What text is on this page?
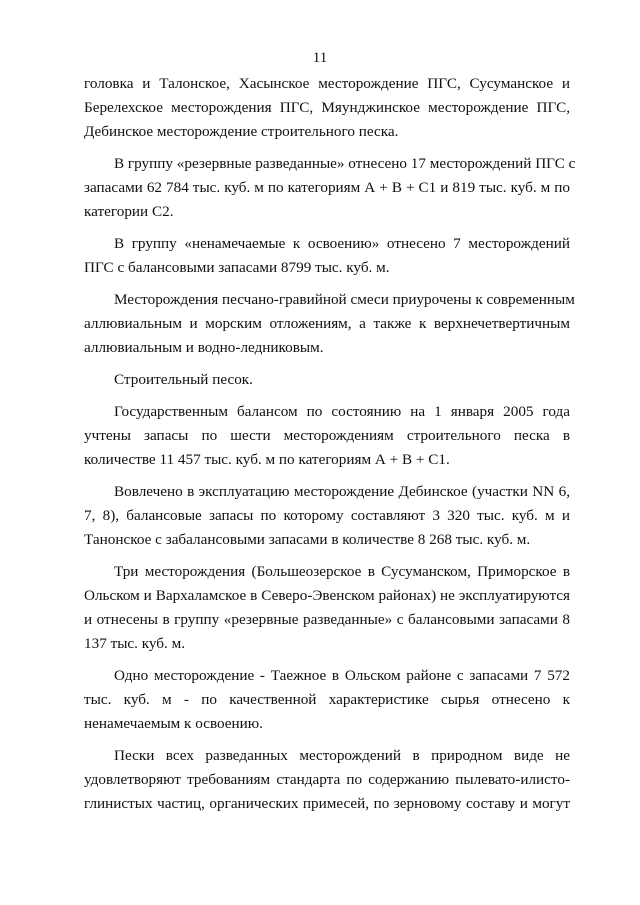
11
головка и Талонское, Хасынское месторождение ПГС, Сусуманское и
Берелехское месторождения ПГС, Мяунджинское месторождение ПГС,
Дебинское месторождение строительного песка.
В группу «резервные разведанные» отнесено 17 месторождений ПГС с
запасами 62 784 тыс. куб. м по категориям А + В + С1 и 819 тыс. куб. м по
категории С2.
В группу «ненамечаемые к освоению» отнесено 7 месторождений
ПГС с балансовыми запасами 8799 тыс. куб. м.
Месторождения песчано-гравийной смеси приурочены к современным
аллювиальным и морским отложениям, а также к верхнечетвертичным
аллювиальным и водно-ледниковым.
Строительный песок.
Государственным балансом по состоянию на 1 января 2005 года
учтены запасы по шести месторождениям строительного песка в
количестве 11 457 тыс. куб. м по категориям А + В + С1.
Вовлечено в эксплуатацию месторождение Дебинское (участки NN 6,
7, 8), балансовые запасы по которому составляют 3 320 тыс. куб. м и
Танонское с забалансовыми запасами в количестве 8 268 тыс. куб. м.
Три месторождения (Большеозерское в Сусуманском, Приморское в
Ольском и Вархаламское в Северо-Эвенском районах) не эксплуатируются
и отнесены в группу «резервные разведанные» с балансовыми запасами 8
137 тыс. куб. м.
Одно месторождение - Таежное в Ольском районе с запасами 7 572
тыс. куб. м - по качественной характеристике сырья отнесено к
ненамечаемым к освоению.
Пески всех разведанных месторождений в природном виде не
удовлетворяют требованиям стандарта по содержанию пылевато-илисто-
глинистых частиц, органических примесей, по зерновому составу и могут
